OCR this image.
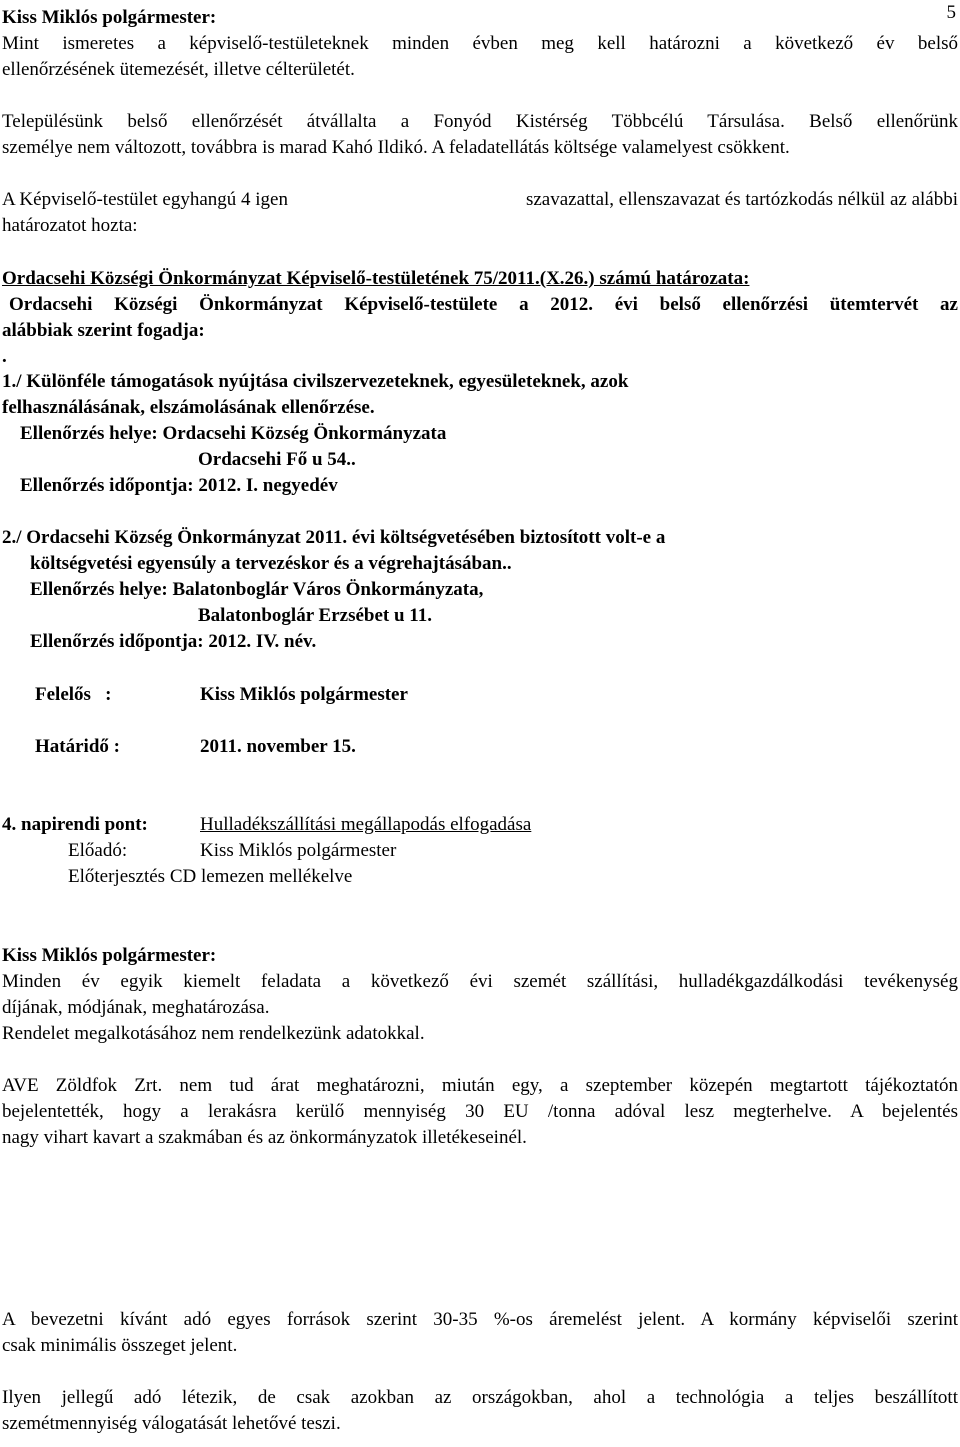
5
Kiss Miklós polgármester:
Mint ismeretes a képviselő-testületeknek minden évben meg kell határozni a következő év belső
ellenőrzésének ütemezését, illetve célterületét.
Településünk belső ellenőrzését átvállalta a Fonyód Kistérség Többcélú Társulása. Belső ellenőrünk
személye nem változott, továbbra is marad Kahó Ildikó. A feladatellátás költsége valamelyest csökkent.
A Képviselő-testület egyhangú 4 igen	szavazattal, ellenszavazat és tartózkodás nélkül az alábbi
határozatot hozta:
Ordacsehi Községi Önkormányzat Képviselő-testületének 75/2011.(X.26.) számú határozata:
Ordacsehi Községi Önkormányzat Képviselő-testülete a 2012. évi belső ellenőrzési ütemtervét az
alábbiak szerint fogadja:
.
1./ Különféle támogatások nyújtása civilszervezeteknek, egyesületeknek, azok
felhasználásának, elszámolásának ellenőrzése.
Ellenőrzés helye: Ordacsehi Község Önkormányzata
Ordacsehi Fő u 54..
Ellenőrzés időpontja: 2012. I. negyedév
2./ Ordacsehi Község Önkormányzat 2011. évi költségvetésében biztosított volt-e a
költségvetési egyensúly a tervezéskor és a végrehajtásában..
Ellenőrzés helye: Balatonboglár Város Önkormányzata,
Balatonboglár Erzsébet u 11.
Ellenőrzés időpontja: 2012. IV. név.
Felelős   :	Kiss Miklós polgármester
Határidő :	2011. november 15.
4. napirendi pont:	Hulladékszállítási megállapodás elfogadása
Előadó:	Kiss Miklós polgármester
Előterjesztés CD lemezen mellékelve
Kiss Miklós polgármester:
Minden év egyik kiemelt feladata a következő évi szemét szállítási, hulladékgazdálkodási tevékenység
díjának, módjának, meghatározása.
Rendelet megalkotásához nem rendelkezünk adatokkal.
AVE Zöldfok Zrt. nem tud árat meghatározni, miután egy, a szeptember közepén megtartott tájékoztatón
bejelentették, hogy a lerakásra kerülő mennyiség 30 EU /tonna adóval lesz megterhelve. A bejelentés
nagy vihart kavart a szakmában és az önkormányzatok illetékeseinél.
A bevezetni kívánt adó egyes források szerint 30-35 %-os áremelést jelent. A kormány képviselői szerint
csak minimális összeget jelent.
Ilyen jellegű adó létezik, de csak azokban az országokban, ahol a technológia a teljes beszállított
szemétmennyiség válogatását lehetővé teszi.
